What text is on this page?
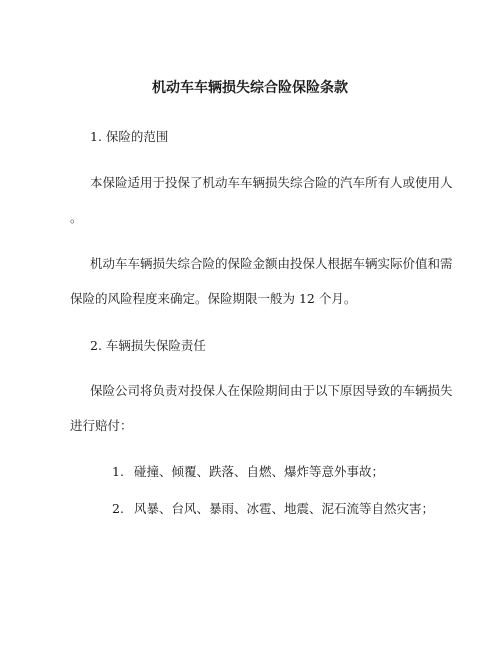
机动车车辆损失综合险保险条款
1. 保险的范围
本保险适用于投保了机动车车辆损失综合险的汽车所有人或使用人
。
机动车车辆损失综合险的保险金额由投保人根据车辆实际价值和需
保险的风险程度来确定。保险期限一般为 12 个月。
2. 车辆损失保险责任
保险公司将负责对投保人在保险期间由于以下原因导致的车辆损失
进行赔付：
1. 碰撞、倾覆、跌落、自燃、爆炸等意外事故；
2. 风暴、台风、暴雨、冰雹、地震、泥石流等自然灾害；
